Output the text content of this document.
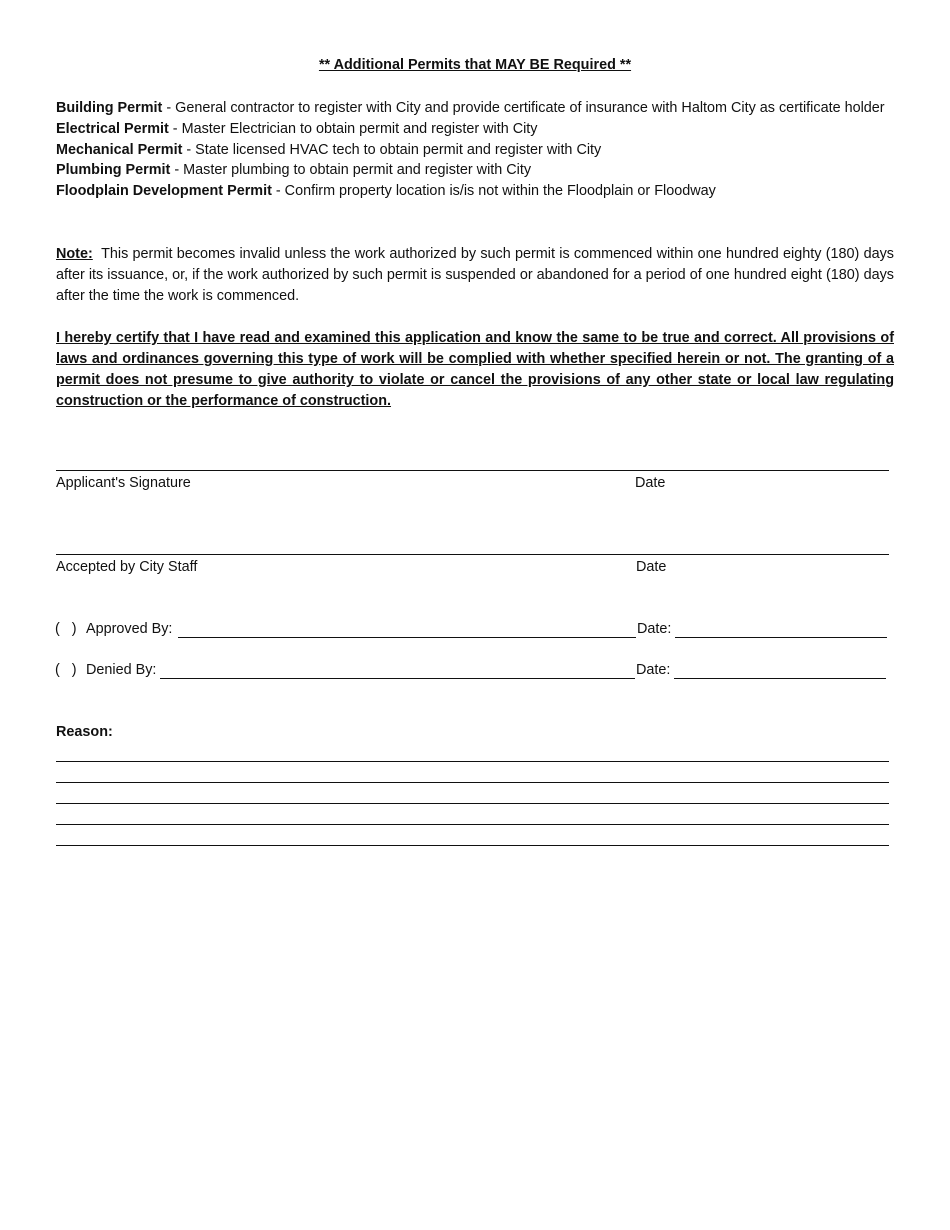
** Additional Permits that MAY BE Required **

Building Permit - General contractor to register with City and provide certificate of insurance with Haltom City as certificate holder

Electrical Permit - Master Electrician to obtain permit and register with City

Mechanical Permit - State licensed HVAC tech to obtain permit and register with City

Plumbing Permit - Master plumbing to obtain permit and register with City

Floodplain Development Permit - Confirm property location is/is not within the Floodplain or Floodway

Note:  This permit becomes invalid unless the work authorized by such permit is commenced within one hundred eighty (180) days after its issuance, or, if the work authorized by such permit is suspended or abandoned for a period of one hundred eight (180) days after the time the work is commenced.

I hereby certify that I have read and examined this application and know the same to be true and correct. All provisions of laws and ordinances governing this type of work will be complied with whether specified herein or not. The granting of a permit does not presume to give authority to violate or cancel the provisions of any other state or local law regulating construction or the performance of construction.

Applicant's Signature	Date
Accepted by City Staff	Date
(   ) Approved By:	Date:
(   ) Denied By:	Date:
Reason:
